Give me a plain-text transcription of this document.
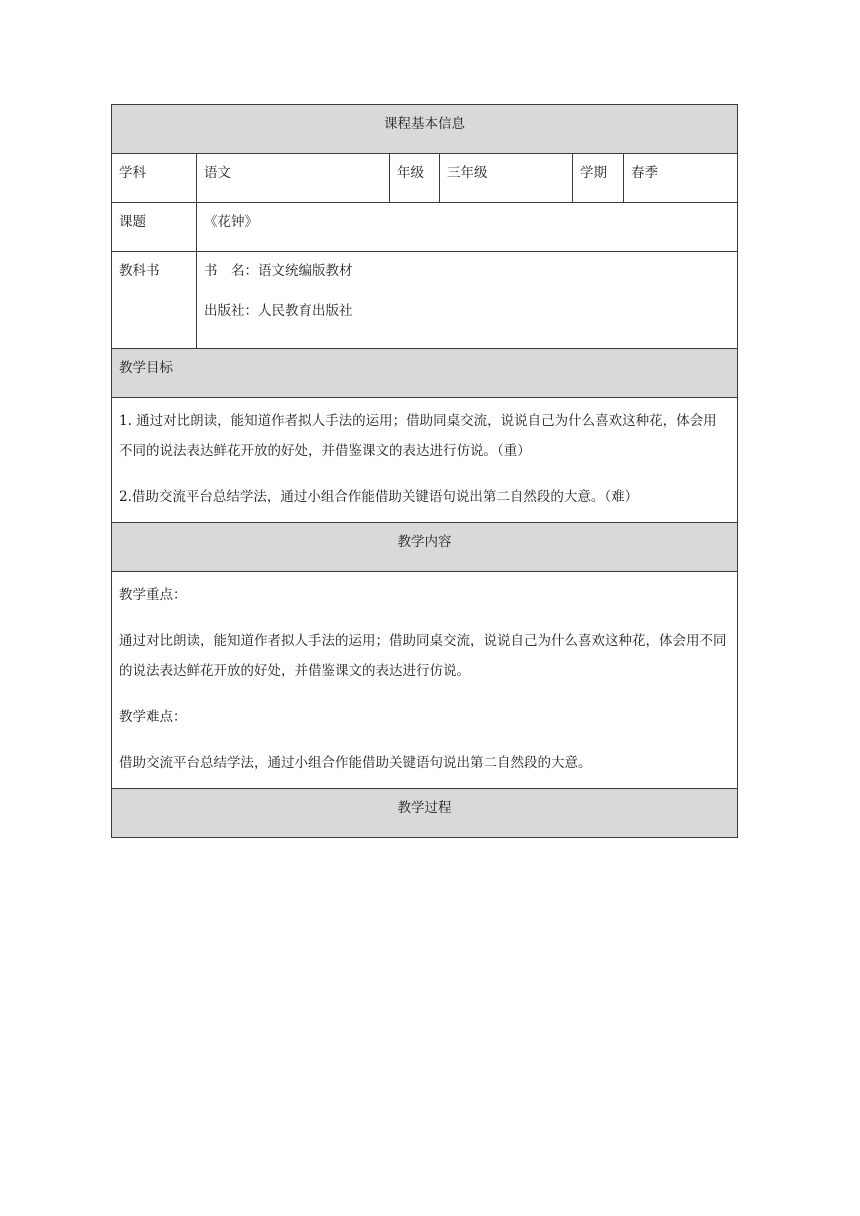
课程基本信息					

学科	语文	年级	三年级	学期	春季

课题	《花钟》				

教科书	书　名：语文统编版教材

出版社：人民教育出版社				

教学目标					

1. 通过对比朗读，能知道作者拟人手法的运用；借助同桌交流，说说自己为什么喜欢这种花，体会用不同的说法表达鲜花开放的好处，并借鉴课文的表达进行仿说。（重）

2.借助交流平台总结学法，通过小组合作能借助关键语句说出第二自然段的大意。（难）					

教学内容					

教学重点：

通过对比朗读，能知道作者拟人手法的运用；借助同桌交流，说说自己为什么喜欢这种花，体会用不同的说法表达鲜花开放的好处，并借鉴课文的表达进行仿说。

教学难点：

借助交流平台总结学法，通过小组合作能借助关键语句说出第二自然段的大意。					

教学过程					
